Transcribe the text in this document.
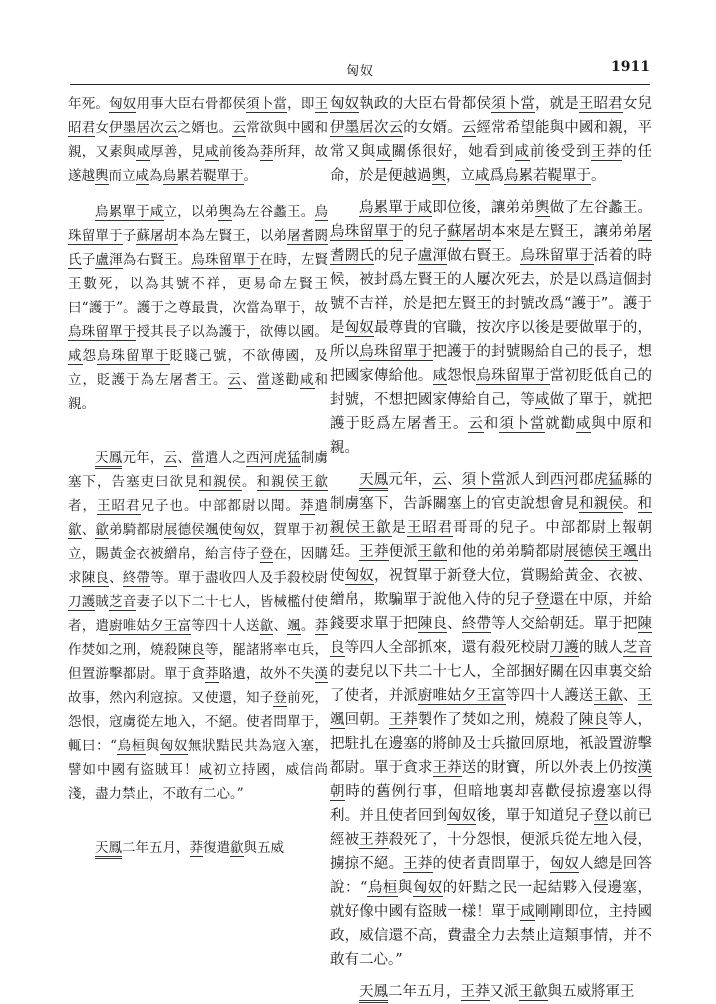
匈奴	1911

年死。匈奴用事大臣右骨都侯須卜當，即王昭君女伊墨居次云之婿也。云常欲與中國和親，又素與咸厚善，見咸前後為莽所拜，故遂越輿而立咸為烏累若鞮單于。

烏累單于咸立，以弟輿為左谷蠡王。烏珠留單于子蘇屠胡本為左賢王，以弟屠耆閼氏子盧渾為右賢王。烏珠留單于在時，左賢王數死，以為其號不祥，更易命左賢王曰“護于”。護于之尊最貴，次當為單于，故烏珠留單于授其長子以為護于，欲傳以國。咸怨烏珠留單于貶賤己號，不欲傳國，及立，貶護于為左屠耆王。云、當遂勸咸和親。

天鳳元年，云、當遣人之西河虎猛制虜塞下，告塞吏曰欲見和親侯。和親侯王歙者，王昭君兄子也。中部都尉以聞。莽遣歙、歙弟騎都尉展德侯颯使匈奴，賀單于初立，賜黃金衣被繒帛，紿言侍子登在，因購求陳良、終帶等。單于盡收四人及手殺校尉刀護賊芝音妻子以下二十七人，皆械檻付使者，遣廚唯姑夕王富等四十人送歙、颯。莽作焚如之刑，燒殺陳良等，罷諸將率屯兵，但置游擊都尉。單于貪莽賂遺，故外不失漢故事，然內利寇掠。又使還，知子登前死，怨恨，寇虜從左地入，不絕。使者問單于，輒曰：“烏桓與匈奴無狀黠民共為寇入塞，譬如中國有盜賊耳！咸初立持國，威信尚淺，盡力禁止，不敢有二心。”

天鳳二年五月，莽復遣歙與五威

匈奴執政的大臣右骨都侯須卜當，就是王昭君女兒伊墨居次云的女婿。云經常希望能與中國和親，平常又與咸關係很好，她看到咸前後受到王莽的任命，於是便越過輿，立咸爲烏累若鞮單于。

烏累單于咸即位後，讓弟弟輿做了左谷蠡王。烏珠留單于的兒子蘇屠胡本來是左賢王，讓弟弟屠耆閼氏的兒子盧渾做右賢王。烏珠留單于活着的時候，被封爲左賢王的人屢次死去，於是以爲這個封號不吉祥，於是把左賢王的封號改爲“護于”。護于是匈奴最尊貴的官職，按次序以後是要做單于的，所以烏珠留單于把護于的封號賜給自己的長子，想把國家傳給他。咸怨恨烏珠留單于當初貶低自己的封號，不想把國家傳給自己，等咸做了單于，就把護于貶爲左屠耆王。云和須卜當就勸咸與中原和親。

天鳳元年，云、須卜當派人到西河郡虎猛縣的制虜塞下，告訴關塞上的官吏說想會見和親侯。和親侯王歙是王昭君哥哥的兒子。中部都尉上報朝廷。王莽便派王歙和他的弟弟騎都尉展德侯王颯出使匈奴，祝賀單于新登大位，賞賜給黃金、衣被、繒帛，欺騙單于說他入侍的兒子登還在中原，并給錢要求單于把陳良、終帶等人交給朝廷。單于把陳良等四人全部抓來，還有殺死校尉刀護的賊人芝音的妻兒以下共二十七人，全部捆好關在囚車裏交給了使者，并派廚唯姑夕王富等四十人護送王歙、王颯回朝。王莽製作了焚如之刑，燒殺了陳良等人，把駐扎在邊塞的將帥及士兵撤回原地，衹設置游擊都尉。單于貪求王莽送的財寶，所以外表上仍按漢朝時的舊例行事，但暗地裏却喜歡侵掠邊塞以得利。并且使者回到匈奴後，單于知道兒子登以前已經被王莽殺死了，十分怨恨，便派兵從左地入侵，擄掠不絕。王莽的使者責問單于，匈奴人總是回答說：“烏桓與匈奴的奸黠之民一起結夥入侵邊塞，就好像中國有盜賊一樣！單于咸剛剛即位，主持國政，威信還不高，費盡全力去禁止這類事情，并不敢有二心。”

天鳳二年五月，王莽又派王歙與五威將軍王
